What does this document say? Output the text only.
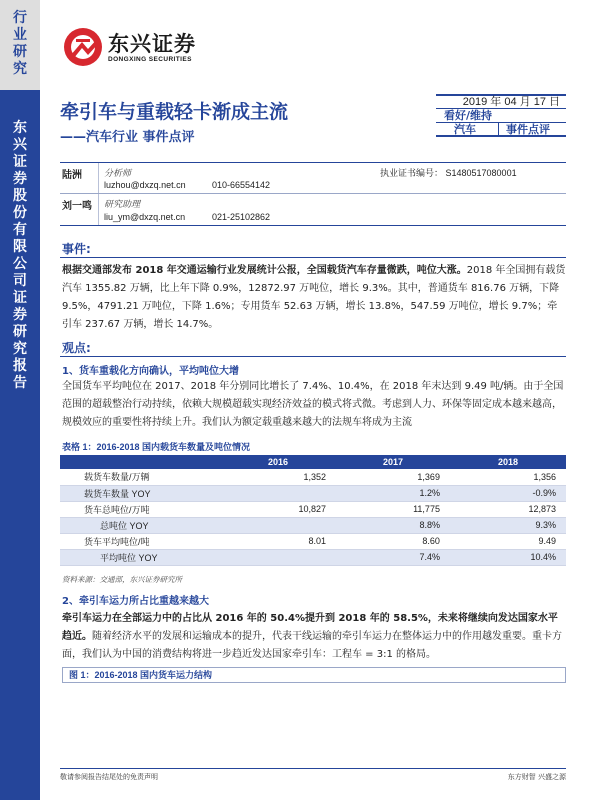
行
业
研
究
东
兴
证
券
股
份
有
限
公
司
证
券
研
究
报
告
东兴证券
DONGXING SECURITIES
牵引车与重载轻卡渐成主流
——汽车行业 事件点评
2019 年 04 月 17 日
看好/维持
汽车	事件点评
陆洲 分析师	执业证书编号： S1480517080001
luzhou@dxzq.net.cn	010-66554142
刘一鸣 研究助理
liu_ym@dxzq.net.cn	021-25102862
事件:
根据交通部发布 2018 年交通运输行业发展统计公报，全国载货汽车存量微跌，吨位大涨。2018 年全国拥有载货汽车 1355.82 万辆，比上年下降 0.9%，12872.97 万吨位，增长 9.3%。其中，普通货车 816.76 万辆，下降 9.5%，4791.21 万吨位，下降 1.6%；专用货车 52.63 万辆，增长 13.8%，547.59 万吨位，增长 9.7%；牵引车 237.67 万辆，增长 14.7%。
观点:
1、货车重载化方向确认，平均吨位大增
全国货车平均吨位在 2017、2018 年分别同比增长了 7.4%、10.4%，在 2018 年末达到 9.49 吨/辆。由于全国范围的超载整治行动持续，依赖大规模超载实现经济效益的模式将式微。考虑到人力、环保等固定成本越来越高，规模效应的重要性将持续上升。我们认为额定载重越来越大的法规车将成为主流
表格 1：2016-2018 国内载货车数量及吨位情况
	2016	2017	2018
载货车数量/万辆	1,352	1,369	1,356
载货车数量 YOY		1.2%	-0.9%
货车总吨位/万吨	10,827	11,775	12,873
总吨位 YOY		8.8%	9.3%
货车平均吨位/吨	8.01	8.60	9.49
平均吨位 YOY		7.4%	10.4%
资料来源：交通部，东兴证券研究所
2、牵引车运力所占比重越来越大
牵引车运力在全部运力中的占比从 2016 年的 50.4%提升到 2018 年的 58.5%，未来将继续向发达国家水平趋近。随着经济水平的发展和运输成本的提升，代表干线运输的牵引车运力在整体运力中的作用越发重要。重卡方面，我们认为中国的消费结构将进一步趋近发达国家牵引车：工程车 = 3:1 的格局。
图 1：2016-2018 国内货车运力结构
敬请参阅报告结尾处的免责声明	东方财智 兴盛之源
